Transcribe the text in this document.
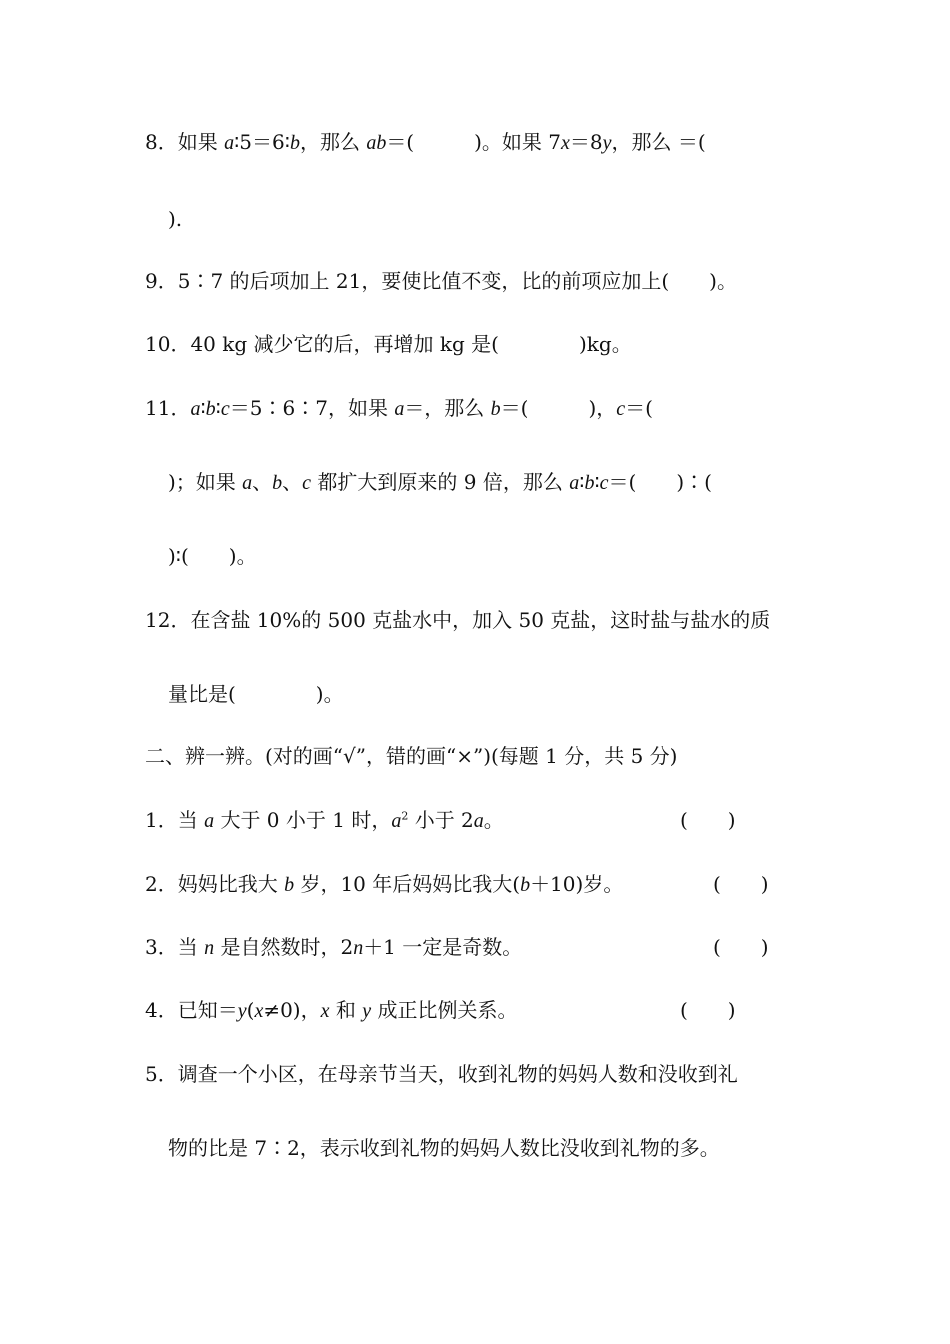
8．如果 a∶5＝6∶b，那么 ab＝(　　　)。如果 7x＝8y，那么 ＝(
).
9．5∶7 的后项加上 21，要使比值不变，比的前项应加上(　　)。
10．40 kg 减少它的后，再增加 kg 是(　　　　)kg。
11．a∶b∶c＝5∶6∶7，如果 a＝，那么 b＝(　　　)，c＝(
)；如果 a、b、c 都扩大到原来的 9 倍，那么 a∶b∶c＝(　　)∶(
)∶(　　)。
12．在含盐 10%的 500 克盐水中，加入 50 克盐，这时盐与盐水的质
量比是(　　　　)。
二、辨一辨。(对的画“√”，错的画“×”)(每题 1 分，共 5 分)
1．当 a 大于 0 小于 1 时，$a^2$ 小于 2a。	(　　)
2．妈妈比我大 b 岁，10 年后妈妈比我大(b＋10)岁。	(　　)
3．当 n 是自然数时，2n＋1 一定是奇数。	(　　)
4．已知＝y(x≠0)，x 和 y 成正比例关系。	(　　)
5．调查一个小区，在母亲节当天，收到礼物的妈妈人数和没收到礼
物的比是 7∶2，表示收到礼物的妈妈人数比没收到礼物的多。
